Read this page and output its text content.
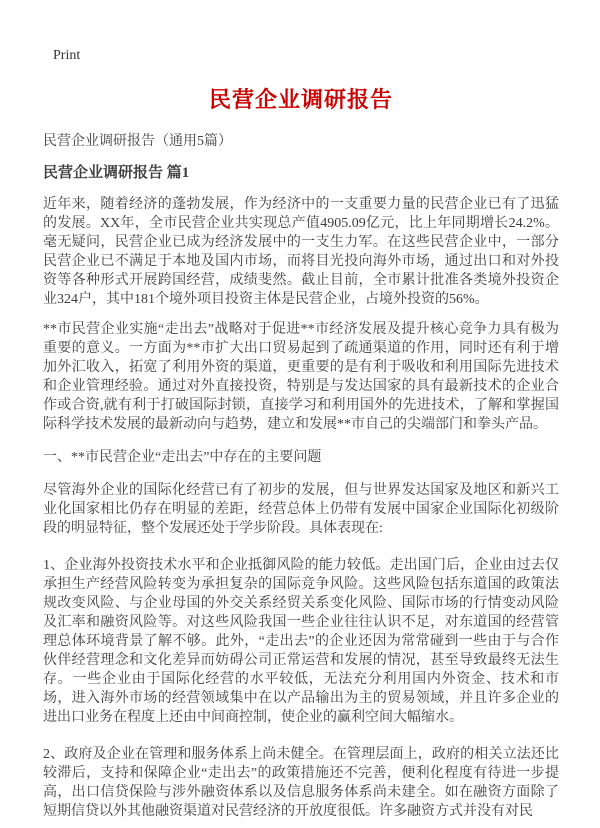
Print
民营企业调研报告

民营企业调研报告（通用5篇）

民营企业调研报告 篇1

近年来，随着经济的蓬勃发展，作为经济中的一支重要力量的民营企业已有了迅猛的发展。XX年，全市民营企业共实现总产值4905.09亿元，比上年同期增长24.2%。毫无疑问，民营企业已成为经济发展中的一支生力军。在这些民营企业中，一部分民营企业已不满足于本地及国内市场，而将目光投向海外市场，通过出口和对外投资等各种形式开展跨国经营，成绩斐然。截止目前，全市累计批准各类境外投资企业324户，其中181个境外项目投资主体是民营企业，占境外投资的56%。

**市民营企业实施“走出去”战略对于促进**市经济发展及提升核心竞争力具有极为重要的意义。一方面为**市扩大出口贸易起到了疏通渠道的作用，同时还有利于增加外汇收入，拓宽了利用外资的渠道，更重要的是有利于吸收和利用国际先进技术和企业管理经验。通过对外直接投资，特别是与发达国家的具有最新技术的企业合作或合资,就有利于打破国际封锁，直接学习和利用国外的先进技术，了解和掌握国际科学技术发展的最新动向与趋势，建立和发展**市自己的尖端部门和拳头产品。

一、**市民营企业“走出去”中存在的主要问题

尽管海外企业的国际化经营已有了初步的发展，但与世界发达国家及地区和新兴工业化国家相比仍存在明显的差距，经营总体上仍带有发展中国家企业国际化初级阶段的明显特征，整个发展还处于学步阶段。具体表现在:

1、企业海外投资技术水平和企业抵御风险的能力较低。走出国门后，企业由过去仅承担生产经营风险转变为承担复杂的国际竞争风险。这些风险包括东道国的政策法规改变风险、与企业母国的外交关系经贸关系变化风险、国际市场的行情变动风险及汇率和融资风险等。对这些风险我国一些企业往往认识不足，对东道国的经营管理总体环境背景了解不够。此外，“走出去”的企业还因为常常碰到一些由于与合作伙伴经营理念和文化差异而妨碍公司正常运营和发展的情况，甚至导致最终无法生存。一些企业由于国际化经营的水平较低，无法充分利用国内外资金、技术和市场，进入海外市场的经营领域集中在以产品输出为主的贸易领域，并且许多企业的进出口业务在程度上还由中间商控制，使企业的赢利空间大幅缩水。

2、政府及企业在管理和服务体系上尚未健全。在管理层面上，政府的相关立法还比较滞后，支持和保障企业“走出去”的政策措施还不完善，便利化程度有待进一步提高，出口信贷保险与涉外融资体系以及信息服务体系尚未建全。如在融资方面除了短期信贷以外其他融资渠道对民营经济的开放度很低。许多融资方式并没有对民
